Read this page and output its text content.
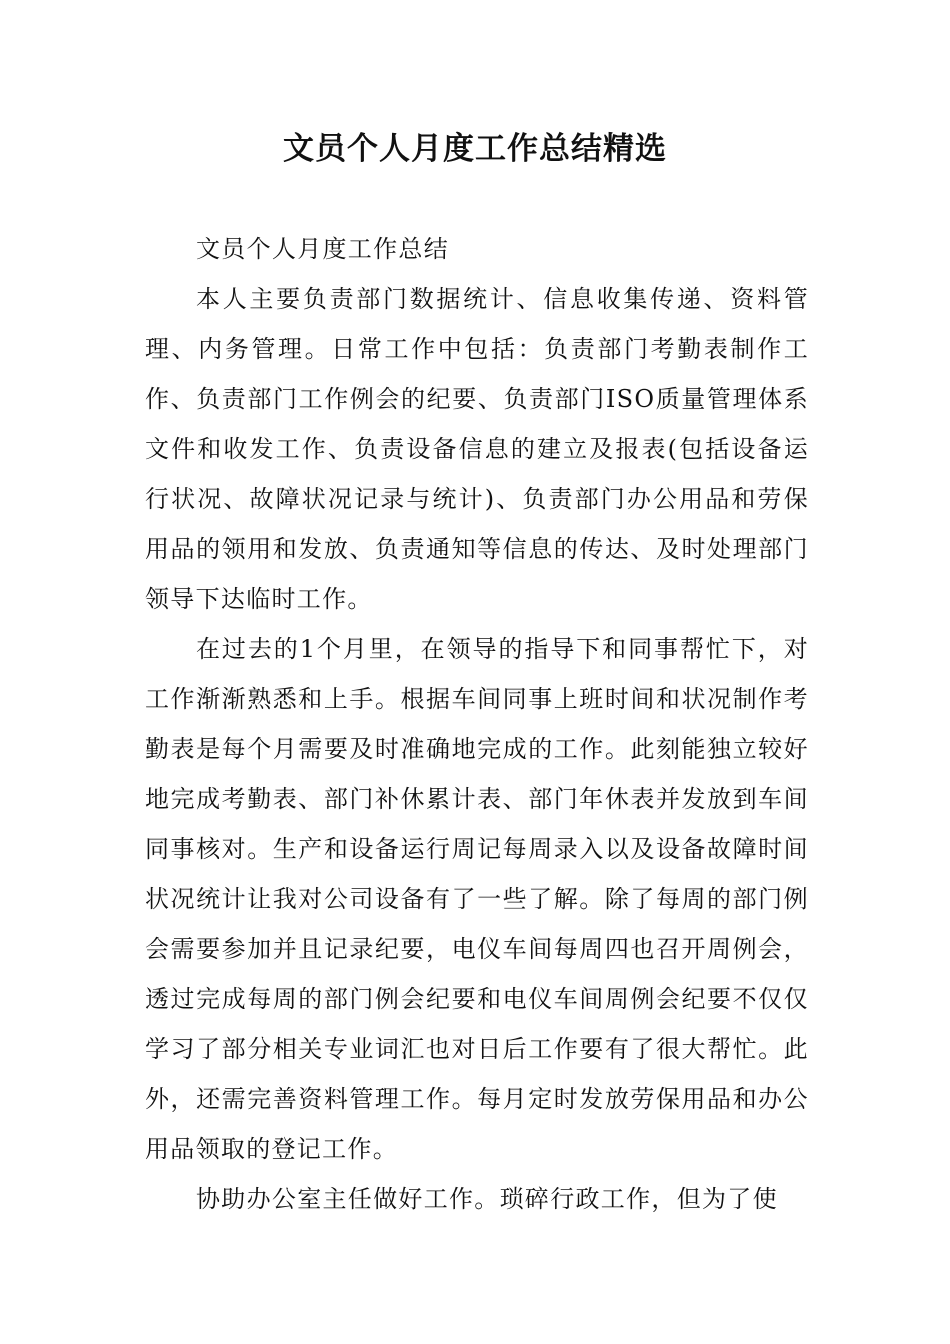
文员个人月度工作总结精选

文员个人月度工作总结

本人主要负责部门数据统计、信息收集传递、资料管理、内务管理。日常工作中包括：负责部门考勤表制作工作、负责部门工作例会的纪要、负责部门ISO质量管理体系文件和收发工作、负责设备信息的建立及报表(包括设备运行状况、故障状况记录与统计)、负责部门办公用品和劳保用品的领用和发放、负责通知等信息的传达、及时处理部门领导下达临时工作。

在过去的1个月里，在领导的指导下和同事帮忙下，对工作渐渐熟悉和上手。根据车间同事上班时间和状况制作考勤表是每个月需要及时准确地完成的工作。此刻能独立较好地完成考勤表、部门补休累计表、部门年休表并发放到车间同事核对。生产和设备运行周记每周录入以及设备故障时间状况统计让我对公司设备有了一些了解。除了每周的部门例会需要参加并且记录纪要，电仪车间每周四也召开周例会，透过完成每周的部门例会纪要和电仪车间周例会纪要不仅仅学习了部分相关专业词汇也对日后工作要有了很大帮忙。此外，还需完善资料管理工作。每月定时发放劳保用品和办公用品领取的登记工作。

协助办公室主任做好工作。琐碎行政工作，但为了使
